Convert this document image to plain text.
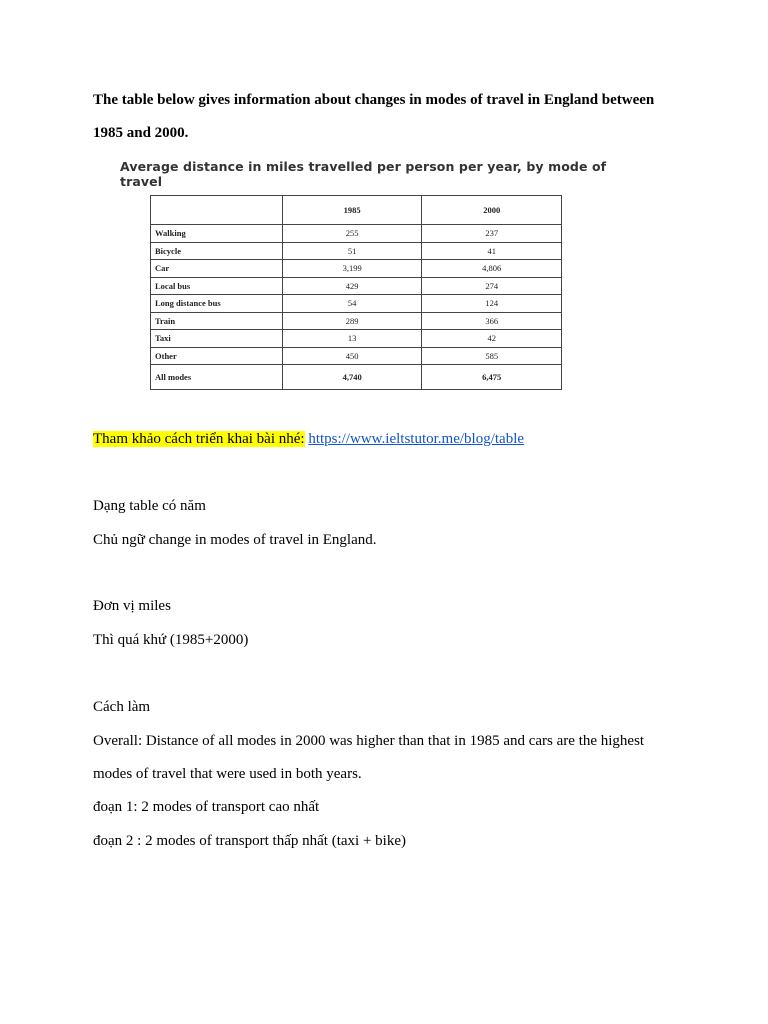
The table below gives information about changes in modes of travel in England between
1985 and 2000.
Average distance in miles travelled per person per year, by mode of travel
	1985	2000
Walking	255	237
Bicycle	51	41
Car	3,199	4,806
Local bus	429	274
Long distance bus	54	124
Train	289	366
Taxi	13	42
Other	450	585
All modes	4,740	6,475
Tham khảo cách triển khai bài nhé: https://www.ieltstutor.me/blog/table
Dạng table có năm
Chủ ngữ change in modes of travel in England.
Đơn vị miles
Thì quá khứ (1985+2000)
Cách làm
Overall: Distance of all modes in 2000 was higher than that in 1985 and cars are the highest
modes of travel that were used in both years.
đoạn 1: 2 modes of transport cao nhất
đoạn 2 : 2 modes of transport thấp nhất (taxi + bike)
